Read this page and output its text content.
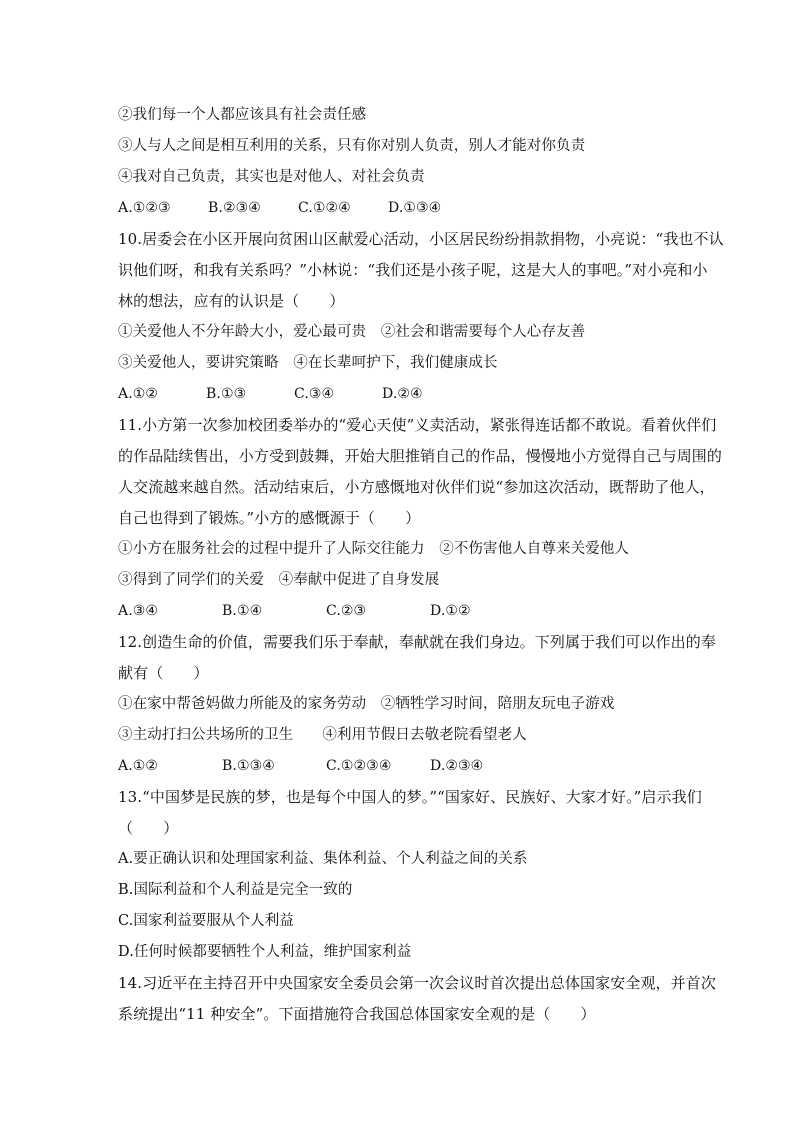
②我们每一个人都应该具有社会责任感
③人与人之间是相互利用的关系，只有你对别人负责，别人才能对你负责
④我对自己负责，其实也是对他人、对社会负责
A.①②③	B.②③④	C.①②④	D.①③④
10.居委会在小区开展向贫困山区献爱心活动，小区居民纷纷捐款捐物，小亮说：“我也不认
识他们呀，和我有关系吗？”小林说：“我们还是小孩子呢，这是大人的事吧。”对小亮和小
林的想法，应有的认识是（　　）
①关爱他人不分年龄大小，爱心最可贵　②社会和谐需要每个人心存友善
③关爱他人，要讲究策略　④在长辈呵护下，我们健康成长
A.①②	B.①③	C.③④	D.②④
11.小方第一次参加校团委举办的“爱心天使”义卖活动，紧张得连话都不敢说。看着伙伴们
的作品陆续售出，小方受到鼓舞，开始大胆推销自己的作品，慢慢地小方觉得自己与周围的
人交流越来越自然。活动结束后，小方感慨地对伙伴们说“参加这次活动，既帮助了他人，
自己也得到了锻炼。”小方的感慨源于（　　）
①小方在服务社会的过程中提升了人际交往能力　②不伤害他人自尊来关爱他人
③得到了同学们的关爱　④奉献中促进了自身发展
A.③④	B.①④	C.②③	D.①②
12.创造生命的价值，需要我们乐于奉献，奉献就在我们身边。下列属于我们可以作出的奉
献有（　　）
①在家中帮爸妈做力所能及的家务劳动　②牺牲学习时间，陪朋友玩电子游戏
③主动打扫公共场所的卫生　　④利用节假日去敬老院看望老人
A.①②	B.①③④	C.①②③④	D.②③④
13.“中国梦是民族的梦，也是每个中国人的梦。”“国家好、民族好、大家才好。”启示我们
（　　）
A.要正确认识和处理国家利益、集体利益、个人利益之间的关系
B.国际利益和个人利益是完全一致的
C.国家利益要服从个人利益
D.任何时候都要牺牲个人利益，维护国家利益
14.习近平在主持召开中央国家安全委员会第一次会议时首次提出总体国家安全观，并首次
系统提出“11 种安全”。下面措施符合我国总体国家安全观的是（　　）
